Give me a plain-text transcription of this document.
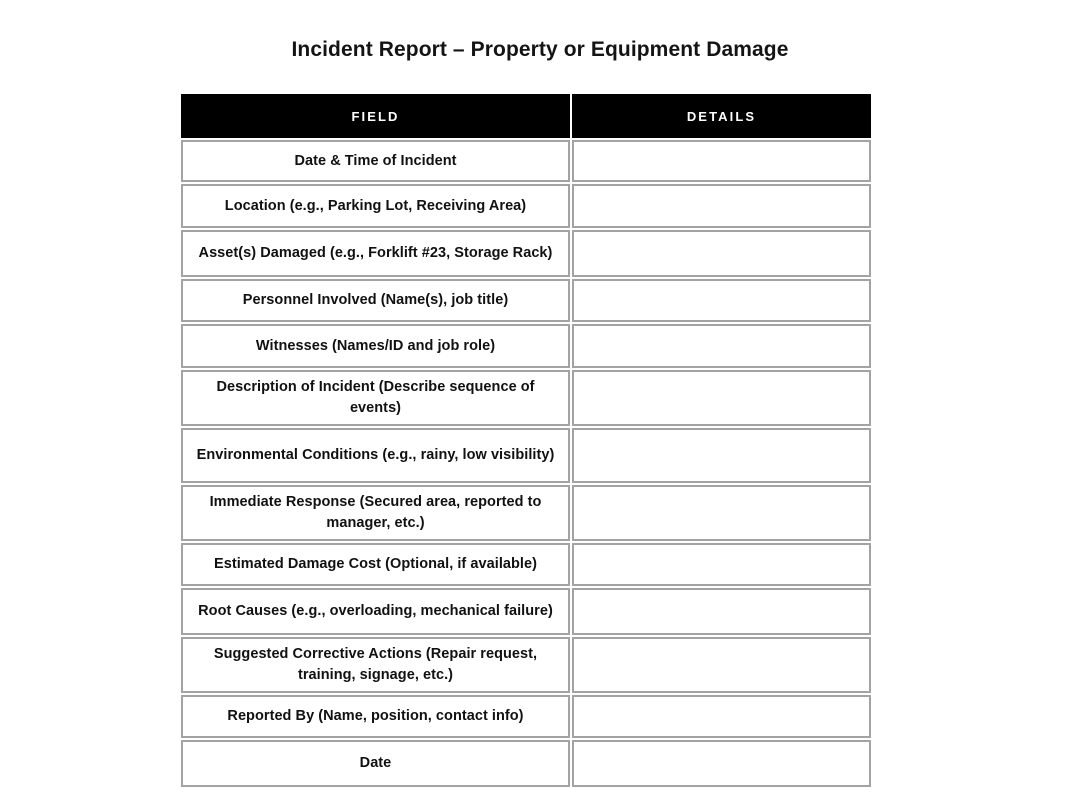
Incident Report – Property or Equipment Damage
FIELD	DETAILS
Date & Time of Incident	
Location (e.g., Parking Lot, Receiving Area)	
Asset(s) Damaged (e.g., Forklift #23, Storage Rack)	
Personnel Involved (Name(s), job title)	
Witnesses (Names/ID and job role)	
Description of Incident (Describe sequence of events)	
Environmental Conditions (e.g., rainy, low visibility)	
Immediate Response (Secured area, reported to manager, etc.)	
Estimated Damage Cost (Optional, if available)	
Root Causes (e.g., overloading, mechanical failure)	
Suggested Corrective Actions (Repair request, training, signage, etc.)	
Reported By (Name, position, contact info)	
Date	
